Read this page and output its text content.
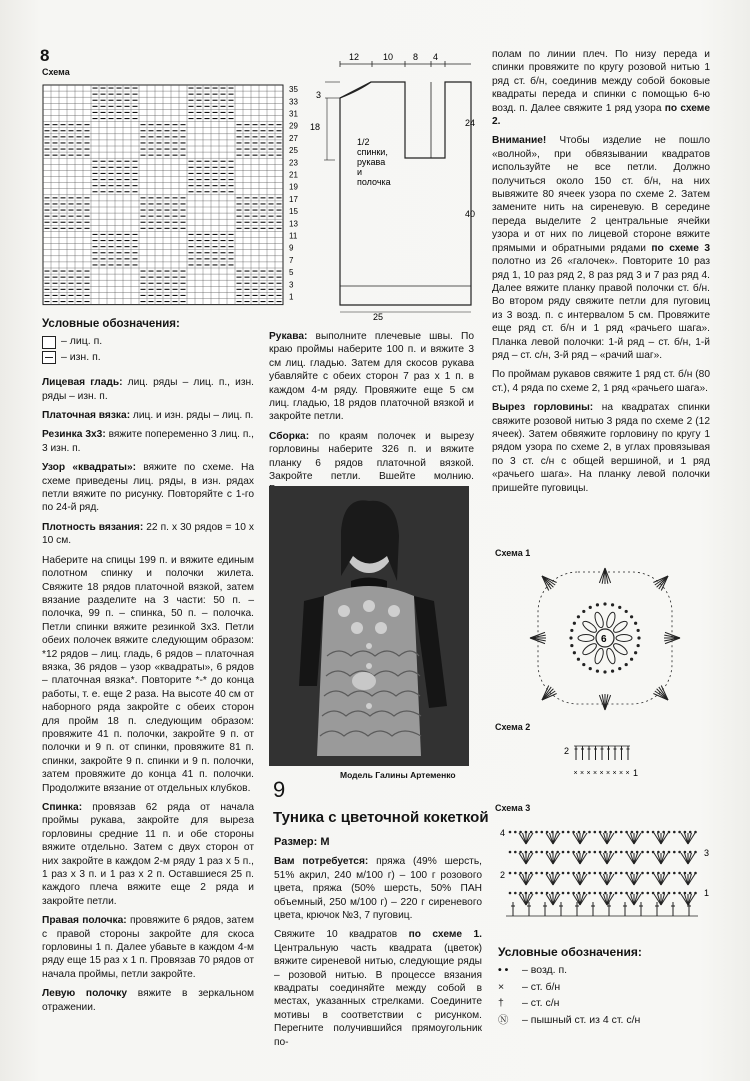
8
Схема
35
33
31
29
27
25
23
21
19
17
15
13
11
9
7
5
3
1
12	10 8 4
3
18	24
40
25
1/2
спинки,
рукава
и
полочка
Условные обозначения:
– лиц. п.
– изн. п.

Лицевая гладь: лиц. ряды – лиц. п., изн. ряды – изн. п.

Платочная вязка: лиц. и изн. ряды – лиц. п.

Резинка 3х3: вяжите попеременно 3 лиц. п., 3 изн. п.

Узор «квадраты»: вяжите по схеме. На схеме приведены лиц. ряды, в изн. рядах петли вяжите по рисунку. Повторяйте с 1-го по 24-й ряд.

Плотность вязания: 22 п. х 30 рядов = 10 х 10 см.

Наберите на спицы 199 п. и вяжите единым полотном спинку и полочки жилета. Свяжите 18 рядов платочной вязкой, затем вязание разделите на 3 части: 50 п. – полочка, 99 п. – спинка, 50 п. – полочка. Петли спинки вяжите резинкой 3х3. Петли обеих полочек вяжите следующим образом: *12 рядов – лиц. гладь, 6 рядов – платочная вязка, 36 рядов – узор «квадраты», 6 рядов – платочная вязка*. Повторите *-* до конца работы, т. е. еще 2 раза. На высоте 40 см от наборного ряда закройте с обеих сторон для пройм 18 п. следующим образом: провяжите 41 п. полочки, закройте 9 п. от полочки и 9 п. от спинки, провяжите 81 п. спинки, закройте 9 п. спинки и 9 п. полочки, затем провяжите до конца 41 п. полочки. Продолжите вязание от отдельных клубков.

Спинка: провязав 62 ряда от начала проймы рукава, закройте для выреза горловины средние 11 п. и обе стороны вяжите отдельно. Затем с двух сторон от них закройте в каждом 2-м ряду 1 раз х 5 п., 1 раз х 3 п. и 1 раз х 2 п. Оставшиеся 25 п. каждого плеча вяжите еще 2 ряда и закройте петли.

Правая полочка: провяжите 6 рядов, затем с правой стороны закройте для скоса горловины 1 п. Далее убавьте в каждом 4-м ряду еще 15 раз х 1 п. Провязав 70 рядов от начала проймы, петли закройте.

Левую полочку вяжите в зеркальном отражении.

Рукава: выполните плечевые швы. По краю проймы наберите 100 п. и вяжите 3 см лиц. гладью. Затем для скосов рукава убавляйте с обеих сторон 7 раз х 1 п. в каждом 4-м ряду. Провяжите еще 5 см лиц. гладью, 18 рядов платочной вязкой и закройте петли.

Сборка: по краям полочек и вырезу горловины наберите 326 п. и вяжите планку 6 рядов платочной вязкой. Закройте петли. Вшейте молнию.

Модель Галины Артеменко
9
Туника с цветочной кокеткой

Размер: М

Вам потребуется: пряжа (49% шерсть, 51% акрил, 240 м/100 г) – 100 г розового цвета, пряжа (50% шерсть, 50% ПАН объемный, 250 м/100 г) – 220 г сиреневого цвета, крючок №3, 7 пуговиц.

Свяжите 10 квадратов по схеме 1. Центральную часть квадрата (цветок) вяжите сиреневой нитью, следующие ряды – розовой нитью. В процессе вязания квадраты соединяйте между собой в местах, указанных стрелками. Соедините мотивы в соответствии с рисунком. Перегните получившийся прямоугольник по-

полам по линии плеч. По низу переда и спинки провяжите по кругу розовой нитью 1 ряд ст. б/н, соединив между собой боковые квадраты переда и спинки с помощью 6-ю возд. п. Далее свяжите 1 ряд узора по схеме 2.

Внимание! Чтобы изделие не пошло «волной», при обвязывании квадратов используйте не все петли. Должно получиться около 150 ст. б/н, на них вывяжите 80 ячеек узора по схеме 2. Затем замените нить на сиреневую. В середине переда выделите 2 центральные ячейки узора и от них по лицевой стороне вяжите прямыми и обратными рядами по схеме 3 полотно из 26 «галочек». Повторите 10 раз ряд 1, 10 раз ряд 2, 8 раз ряд 3 и 7 раз ряд 4. Далее вяжите планку правой полочки ст. б/н. Во втором ряду свяжите петли для пуговиц из 3 возд. п. с интервалом 5 см. Провяжите еще ряд ст. б/н и 1 ряд «рачьего шага». Планка левой полочки: 1-й ряд – ст. б/н, 1-й ряд – ст. с/н, 3-й ряд – «рачий шаг».

По проймам рукавов свяжите 1 ряд ст. б/н (80 ст.), 4 ряда по схеме 2, 1 ряд «рачьего шага».

Вырез горловины: на квадратах спинки свяжите розовой нитью 3 ряда по схеме 2 (12 ячеек). Затем обвяжите горловину по кругу 1 рядом узора по схеме 2, в углах провязывая по 3 ст. с/н с общей вершиной, и 1 ряд «рачьего шага». На планку левой полочки пришейте пуговицы.

Схема 1
6
Схема 2
× × × × × × × × ×
2
1
Схема 3
4
3
2
1
Условные обозначения:
• • – возд. п.
× – ст. б/н
† – ст. с/н
Ⓝ – пышный ст. из 4 ст. с/н
